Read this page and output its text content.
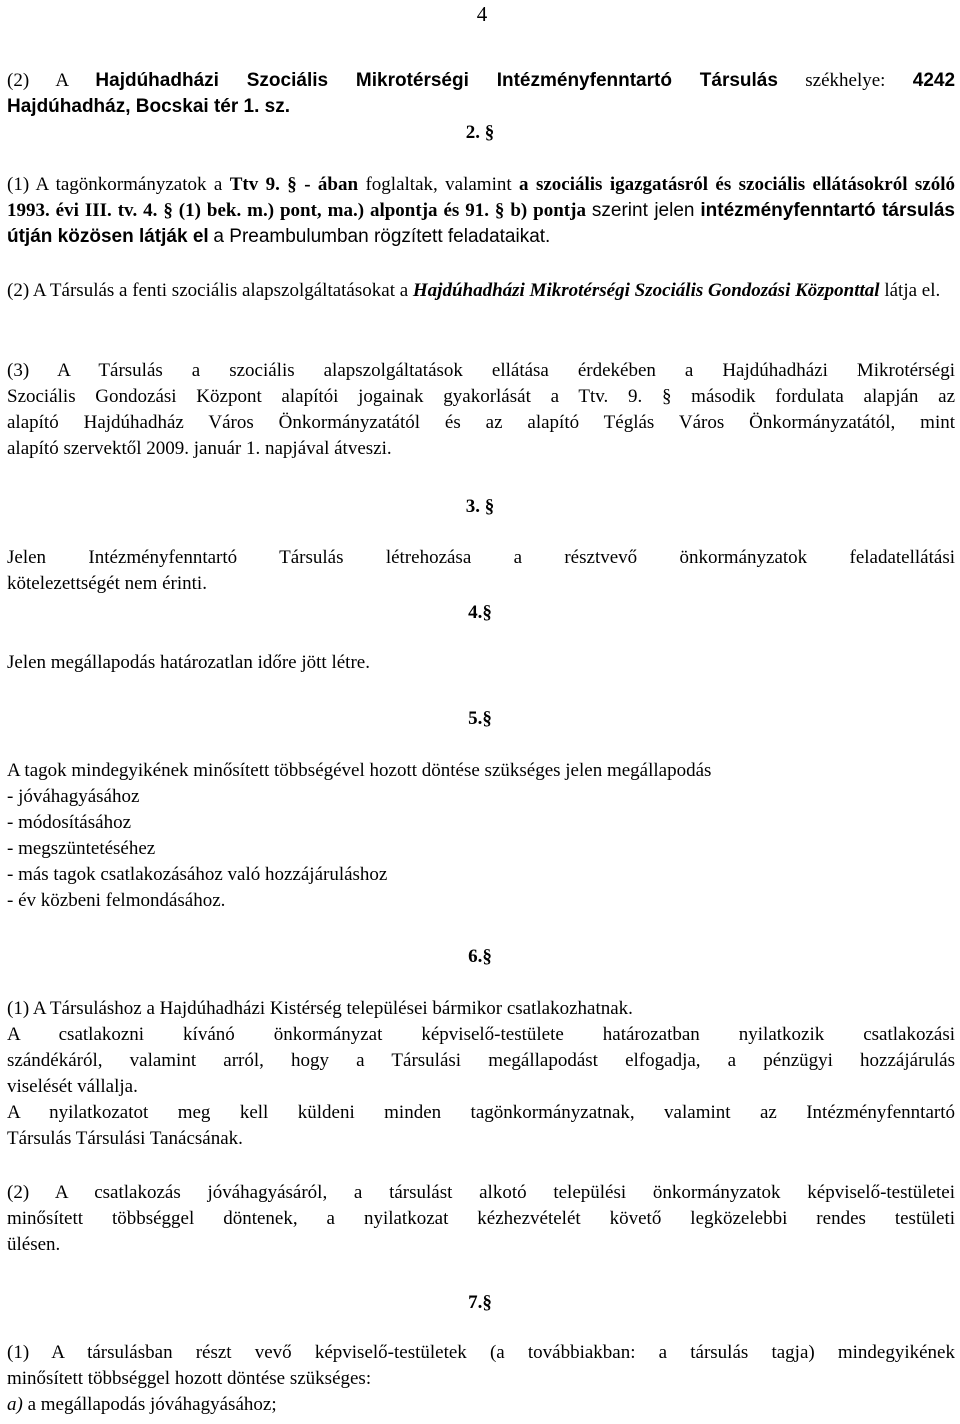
4
(2) A Hajdúhadházi Szociális Mikrotérségi Intézményfenntartó Társulás székhelye: 4242
Hajdúhadház, Bocskai tér 1. sz.
2. §
(1) A tagönkormányzatok a Ttv 9. § - ában foglaltak, valamint a szociális igazgatásról és szociális ellátásokról szóló 1993. évi III. tv. 4. § (1) bek. m.) pont, ma.) alpontja és 91. § b) pontja szerint jelen intézményfenntartó társulás útján közösen látják el a Preambulumban rögzített feladataikat.
(2) A Társulás a fenti szociális alapszolgáltatásokat a Hajdúhadházi Mikrotérségi Szociális Gondozási Központtal látja el.
(3) A Társulás a szociális alapszolgáltatások ellátása érdekében a Hajdúhadházi Mikrotérségi
Szociális Gondozási Központ alapítói jogainak gyakorlását a Ttv. 9. § második fordulata alapján az
alapító Hajdúhadház Város Önkormányzatától és az alapító Téglás Város Önkormányzatától, mint
alapító szervektől 2009. január 1. napjával átveszi.
3. §
Jelen Intézményfenntartó Társulás létrehozása a résztvevő önkormányzatok feladatellátási
kötelezettségét nem érinti.
4.§
Jelen megállapodás határozatlan időre jött létre.
5.§
A tagok mindegyikének minősített többségével hozott döntése szükséges jelen megállapodás
- jóváhagyásához
- módosításához
- megszüntetéséhez
- más tagok csatlakozásához való hozzájáruláshoz
- év közbeni felmondásához.
6.§
(1) A Társuláshoz a Hajdúhadházi Kistérség települései bármikor csatlakozhatnak.
A csatlakozni kívánó önkormányzat képviselő-testülete határozatban nyilatkozik csatlakozási
szándékáról, valamint arról, hogy a Társulási megállapodást elfogadja, a pénzügyi hozzájárulás
viselését vállalja.
A nyilatkozatot meg kell küldeni minden tagönkormányzatnak, valamint az Intézményfenntartó
Társulás Társulási Tanácsának.
(2) A csatlakozás jóváhagyásáról, a társulást alkotó települési önkormányzatok képviselő-testületei
minősített többséggel döntenek, a nyilatkozat kézhezvételét követő legközelebbi rendes testületi
ülésen.
7.§
(1) A társulásban részt vevő képviselő-testületek (a továbbiakban: a társulás tagja) mindegyikének
minősített többséggel hozott döntése szükséges:
a) a megállapodás jóváhagyásához;
